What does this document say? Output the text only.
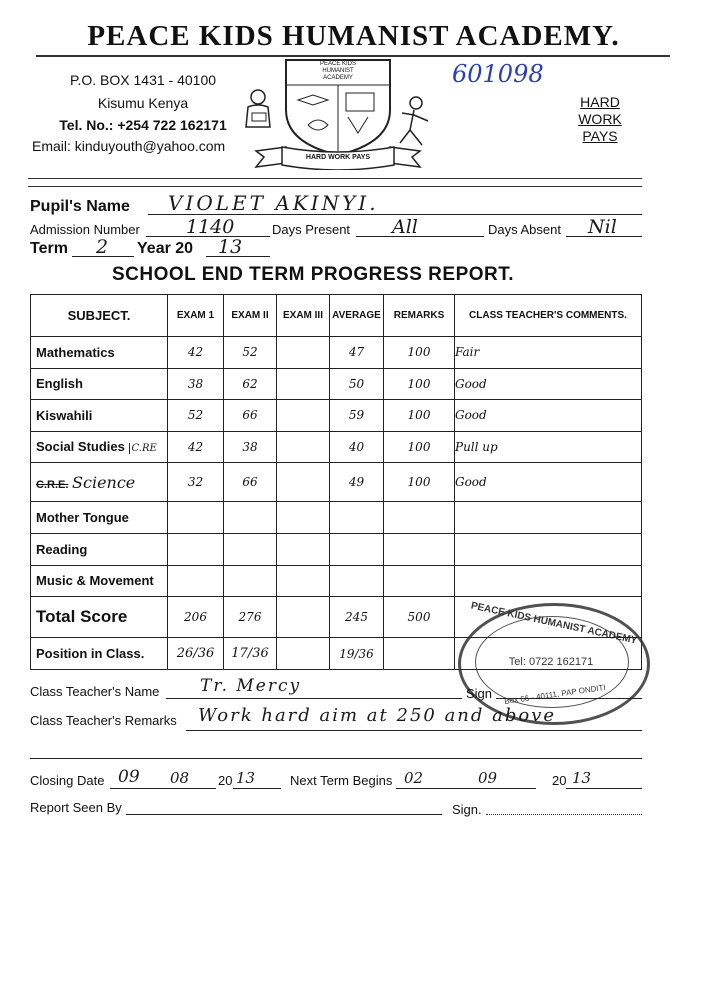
PEACE KIDS HUMANIST ACADEMY.
P.O. BOX 1431 - 40100
Kisumu Kenya
Tel. No.: +254 722 162171
Email: kinduyouth@yahoo.com
601098
PEACE KIDS
HUMANIST
ACADEMY
HARD WORK PAYS
HARD
WORK
PAYS
Pupil's Name VIOLET AKINYI.
Admission Number 1140	Days Present All	Days Absent Nil
Term 2 Year 20 13
SCHOOL END TERM PROGRESS REPORT.
SUBJECT.	EXAM 1	EXAM II	EXAM III	AVERAGE	REMARKS	CLASS TEACHER'S COMMENTS.
Mathematics	42	52		47	100	Fair
English	38	62		50	100	Good
Kiswahili	52	66		59	100	Good
Social Studies C.RE	42	38		40	100	Pull up
C.R.E. Science	32	66		49	100	Good
Mother Tongue						
Reading						
Music & Movement						
Total Score	206	276		245	500	
Position in Class.	26/36	17/36		19/36		
PEACE KIDS HUMANIST ACADEMY
Tel: 0722 162171
Box 66 - 40111, PAP ONDITI
Class Teacher's Name Tr. Mercy	Sign
Class Teacher's Remarks Work hard aim at 250 and above
Closing Date 09 08 20 13	Next Term Begins 02	09	20 13
Report Seen By	Sign.
